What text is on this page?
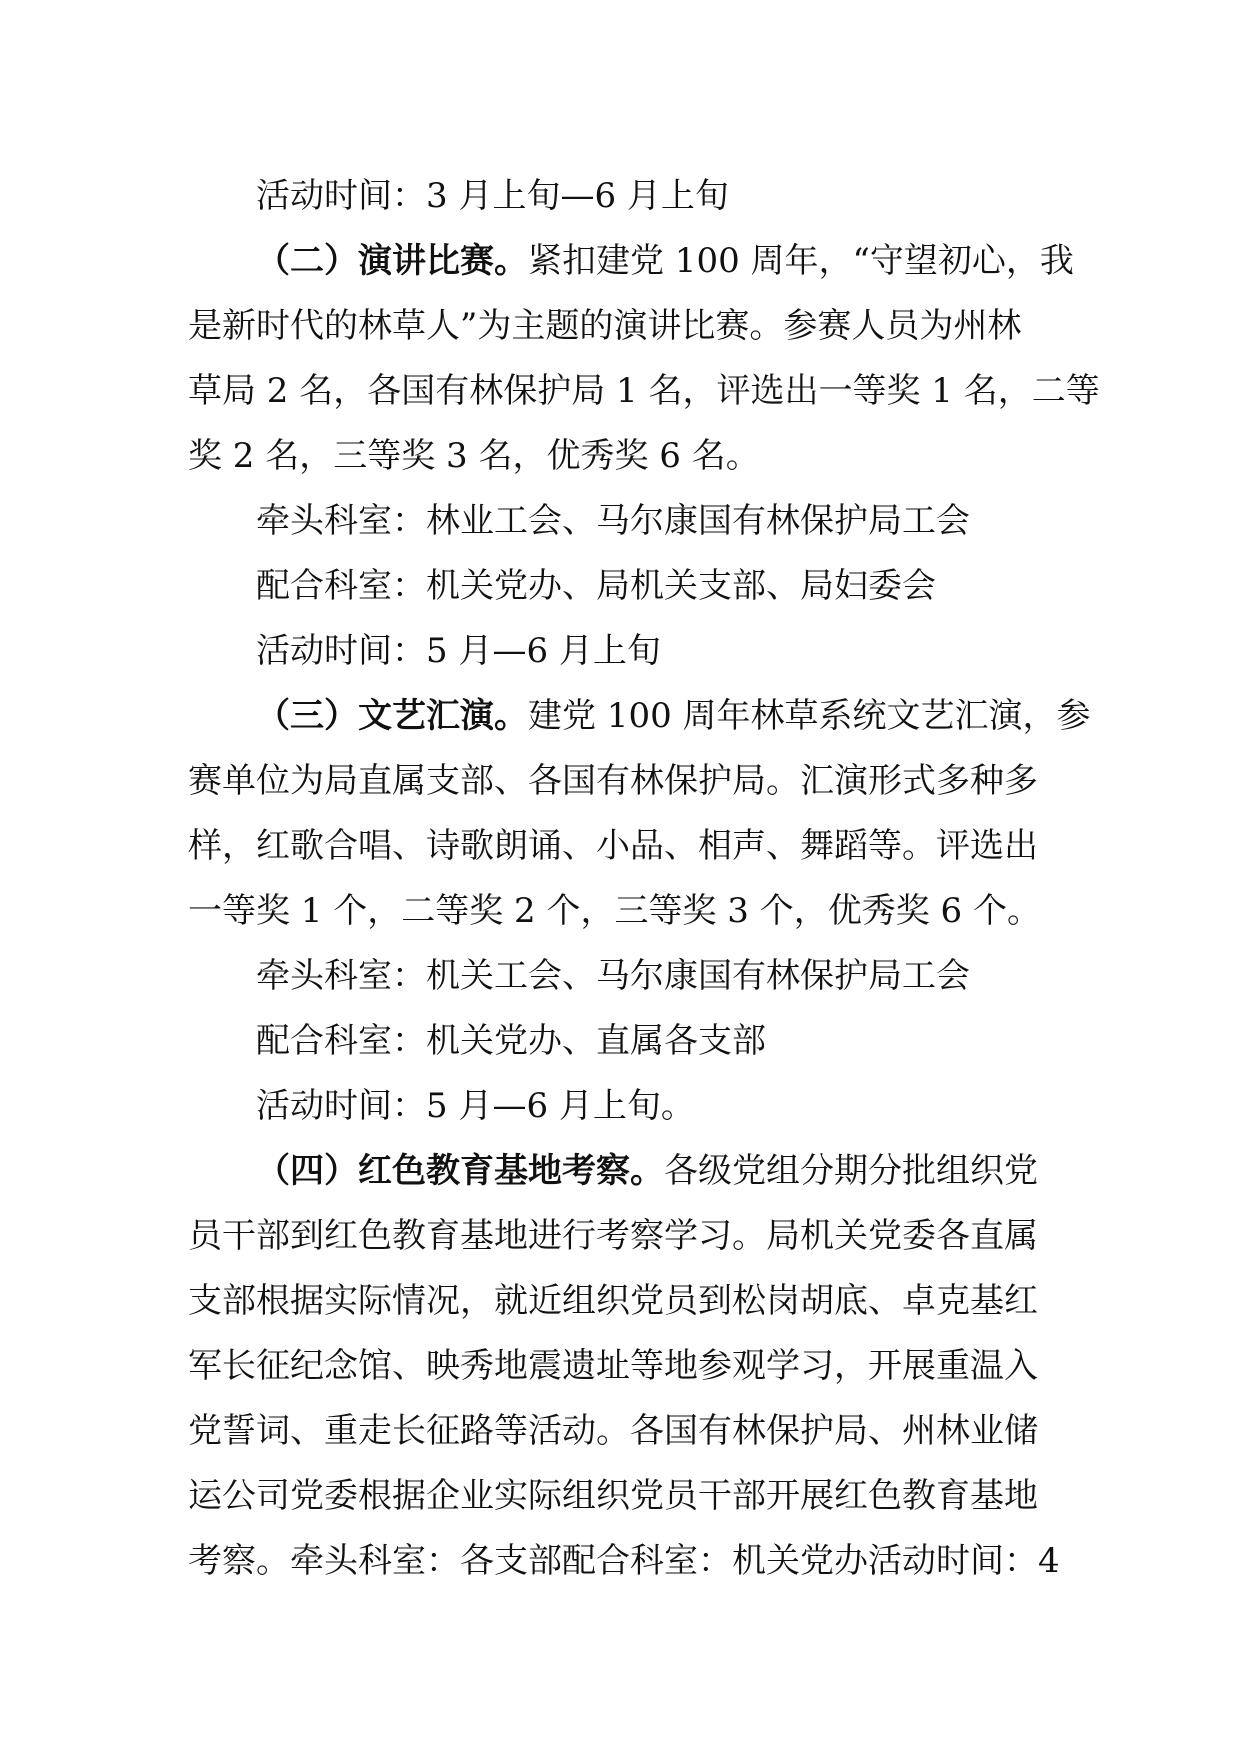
活动时间：3 月上旬—6 月上旬
（二）演讲比赛。紧扣建党 100 周年，“守望初心，我
是新时代的林草人”为主题的演讲比赛。参赛人员为州林
草局 2 名，各国有林保护局 1 名，评选出一等奖 1 名，二等
奖 2 名，三等奖 3 名，优秀奖 6 名。
牵头科室：林业工会、马尔康国有林保护局工会
配合科室：机关党办、局机关支部、局妇委会
活动时间：5 月—6 月上旬
（三）文艺汇演。建党 100 周年林草系统文艺汇演，参
赛单位为局直属支部、各国有林保护局。汇演形式多种多
样，红歌合唱、诗歌朗诵、小品、相声、舞蹈等。评选出
一等奖 1 个，二等奖 2 个，三等奖 3 个，优秀奖 6 个。
牵头科室：机关工会、马尔康国有林保护局工会
配合科室：机关党办、直属各支部
活动时间：5 月—6 月上旬。
（四）红色教育基地考察。各级党组分期分批组织党
员干部到红色教育基地进行考察学习。局机关党委各直属
支部根据实际情况，就近组织党员到松岗胡底、卓克基红
军长征纪念馆、映秀地震遗址等地参观学习，开展重温入
党誓词、重走长征路等活动。各国有林保护局、州林业储
运公司党委根据企业实际组织党员干部开展红色教育基地
考察。牵头科室：各支部配合科室：机关党办活动时间：4
